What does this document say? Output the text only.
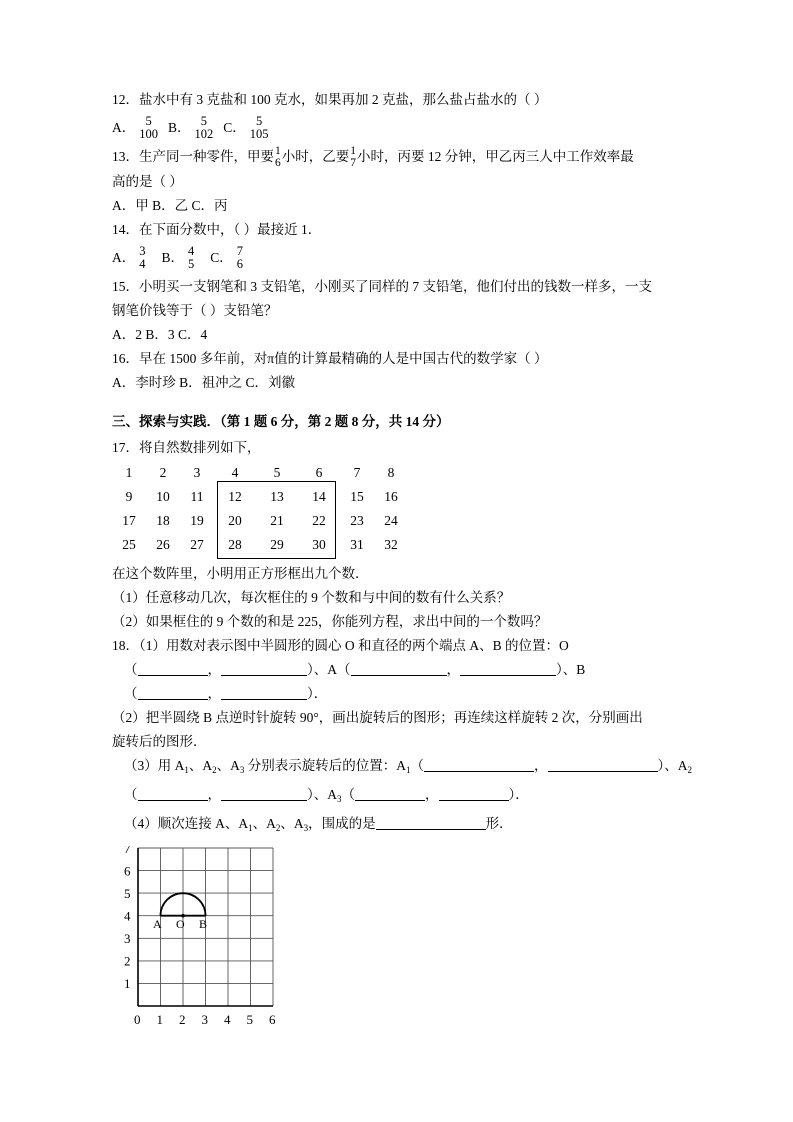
12．盐水中有 3 克盐和 100 克水，如果再加 2 克盐，那么盐占盐水的（ ）
A． 5
100 B． 5
102 C． 5
105
13．生产同一种零件，甲要 1
6 小时，乙要 1
7 小时，丙要 12 分钟，甲乙丙三人中工作效率最
高的是（ ）
A．甲 B．乙 C．丙
14．在下面分数中，（ ）最接近 1．
A． 3
4 B． 4
5 C． 7
6
15．小明买一支钢笔和 3 支铅笔，小刚买了同样的 7 支铅笔，他们付出的钱数一样多，一支
钢笔价钱等于（ ）支铅笔？
A．2 B．3 C．4
16．早在 1500 多年前，对π值的计算最精确的人是中国古代的数学家（ ）
A．李时珍 B．祖冲之 C．刘徽
三、探索与实践．（第 1 题 6 分，第 2 题 8 分，共 14 分）
17．将自然数排列如下，
1	2	3	4	5	6	7	8
9	10	11	12	13	14	15	16
17	18	19	20	21	22	23	24
25	26	27	28	29	30	31	32
在这个数阵里，小明用正方形框出九个数．
（1）任意移动几次，每次框住的 9 个数和与中间的数有什么关系？
（2）如果框住的 9 个数的和是 225，你能列方程，求出中间的一个数吗？
18．（1）用数对表示图中半圆形的圆心 O 和直径的两个端点 A、B 的位置：O
（	，	）、A（	，	）、B
（	，	）．
（2）把半圆绕 B 点逆时针旋转 90°，画出旋转后的图形；再连续这样旋转 2 次，分别画出
旋转后的图形．
（3）用 $A_1$、$A_2$、$A_3$ 分别表示旋转后的位置：$A_1$（	，	）、$A_2$
（	，	）、$A_3$（	，	）．
（4）顺次连接 A、$A_1$、$A_2$、$A_3$，围成的是	形．
A O B
0 1 2 3 4 5 6
1
2
3
4
5
6
7
